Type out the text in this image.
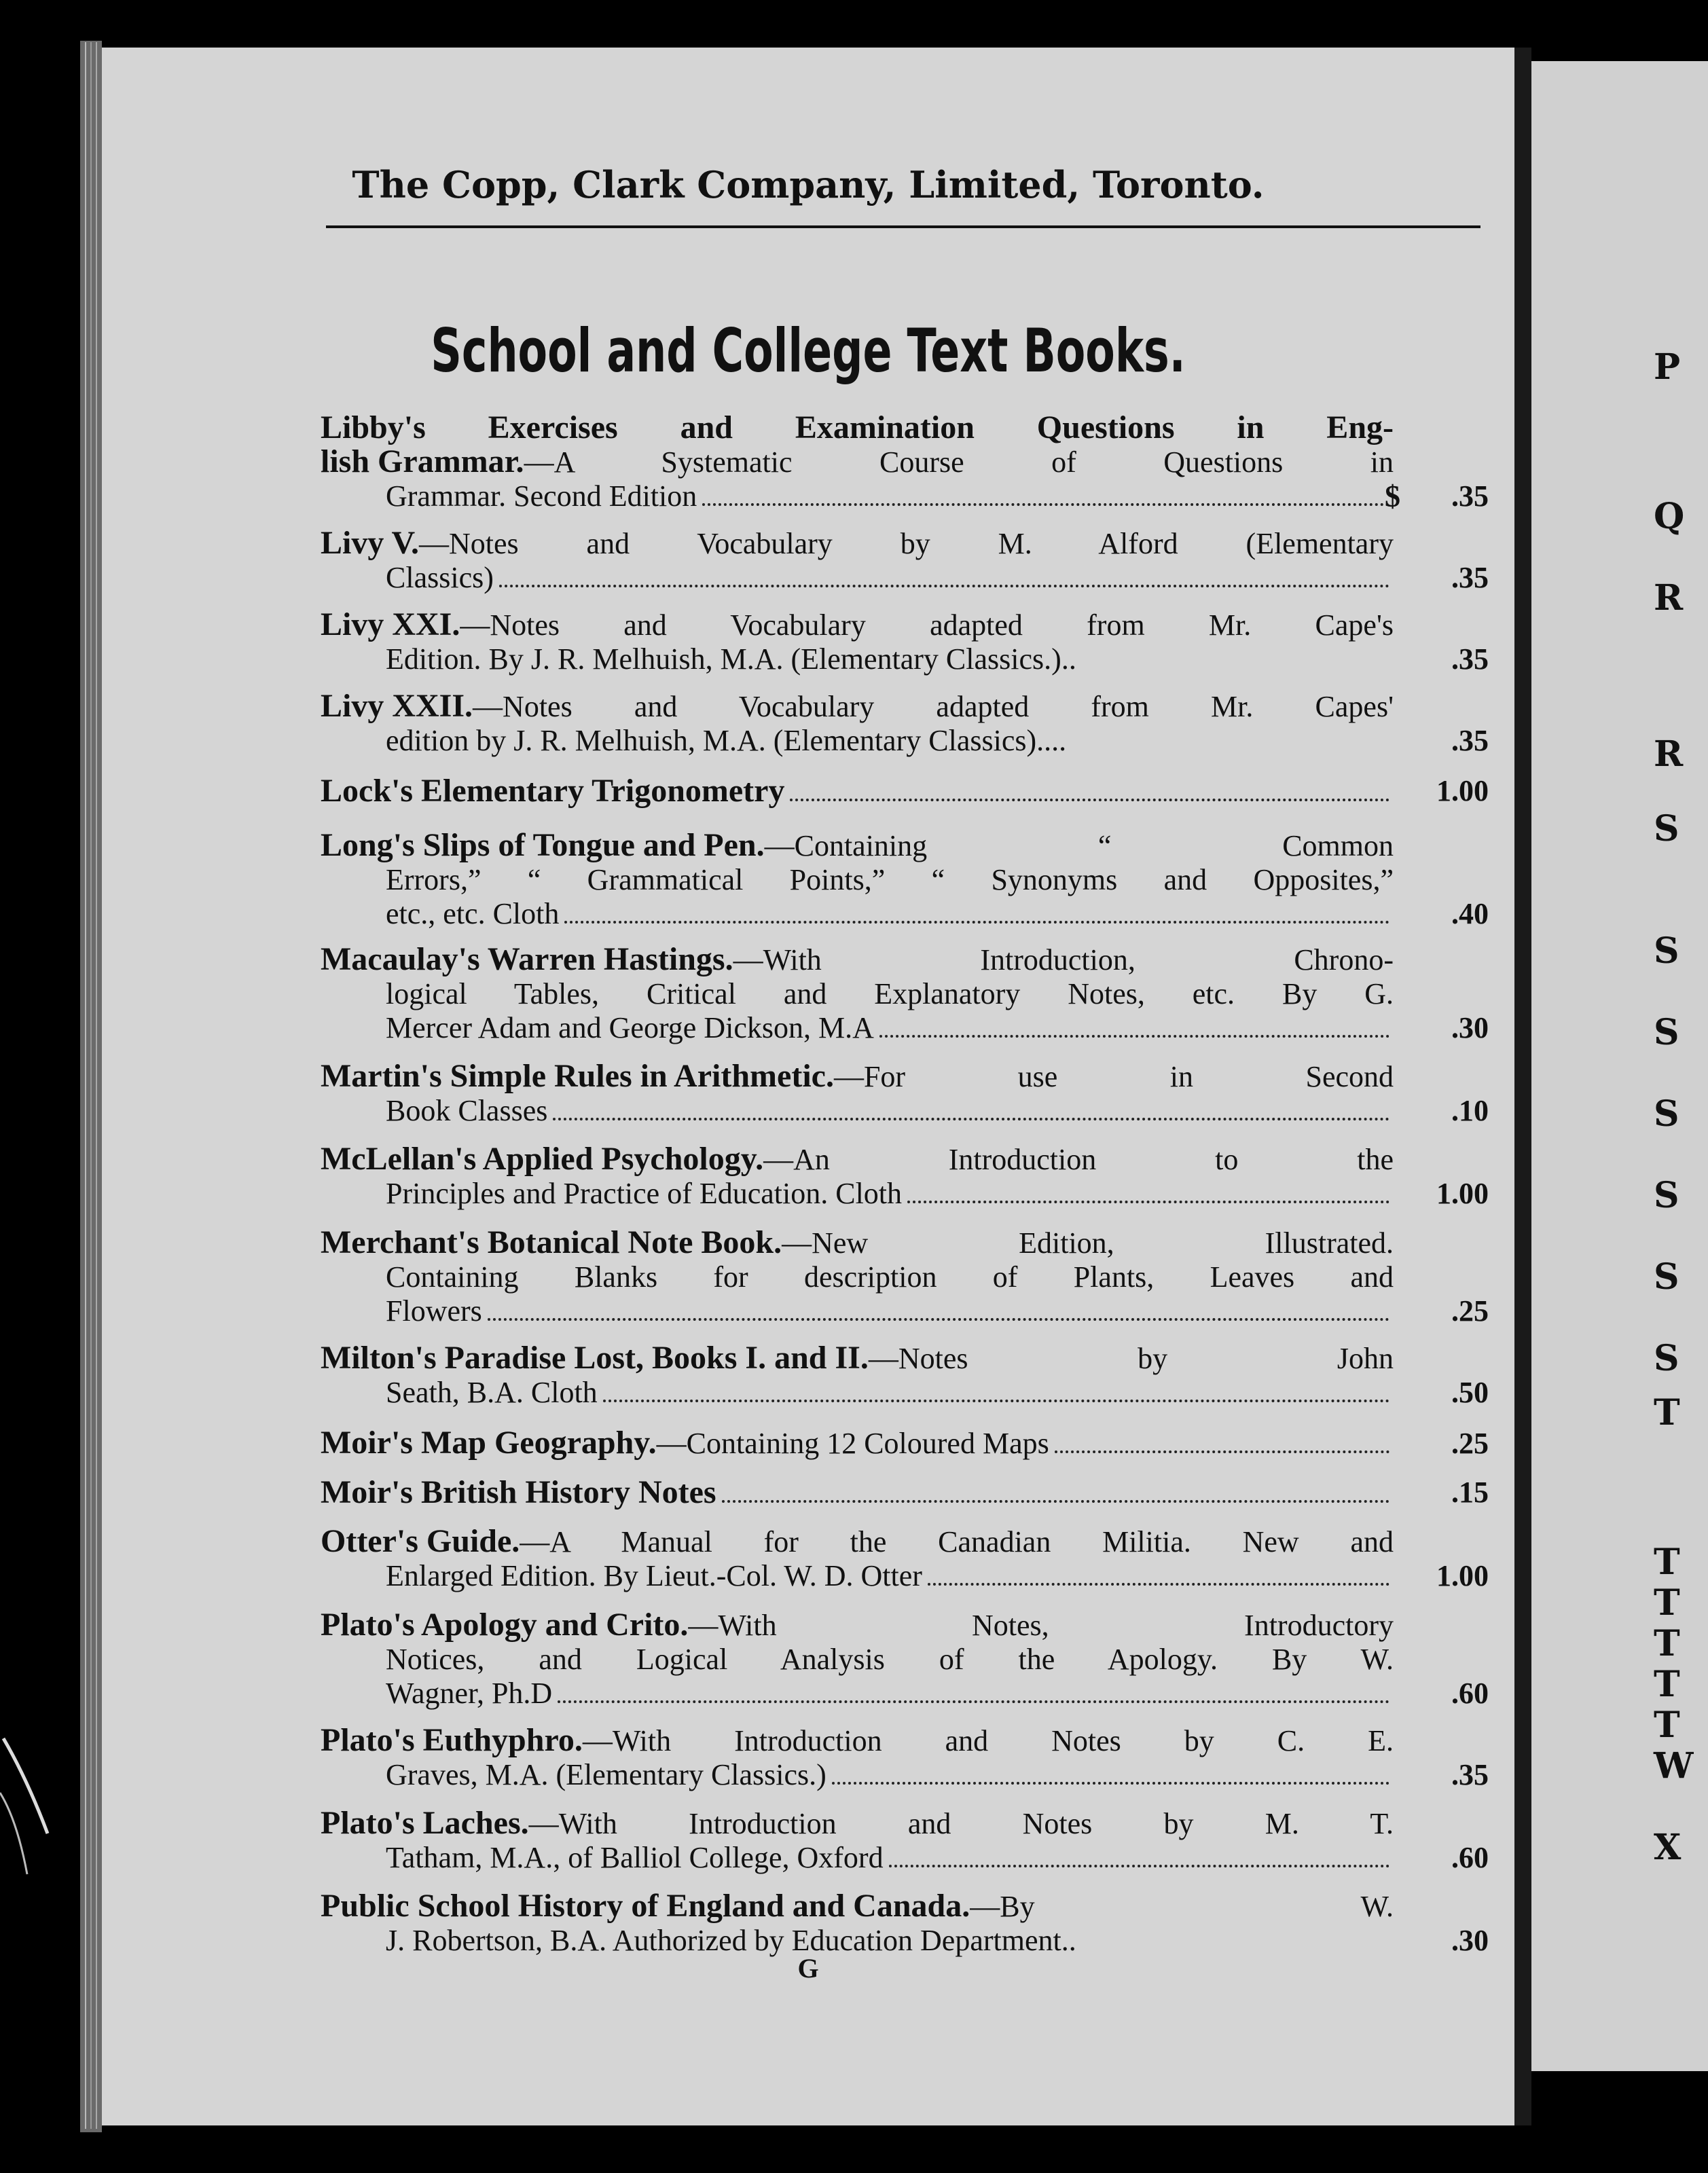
P
Q
R
R
S
S
S
S
S
S
S
T
T
T
T
T
T
W
X
The Copp, Clark Company, Limited, Toronto.
School and College Text Books.
Libby's Exercises and Examination Questions in Eng-
lish Grammar. —A Systematic Course of Questions in
Grammar. Second Edition	$	.35
Livy V. —Notes and Vocabulary by M. Alford (Elementary
Classics)	.35
Livy XXI. —Notes and Vocabulary adapted from Mr. Cape's
Edition. By J. R. Melhuish, M.A. (Elementary Classics.)..	.35
Livy XXII. —Notes and Vocabulary adapted from Mr. Capes'
edition by J. R. Melhuish, M.A. (Elementary Classics)....	.35
Lock's Elementary Trigonometry	1.00
Long's Slips of Tongue and Pen. —Containing “ Common
Errors,” “ Grammatical Points,” “ Synonyms and Opposites,”
etc., etc. Cloth	.40
Macaulay's Warren Hastings. —With Introduction, Chrono-
logical Tables, Critical and Explanatory Notes, etc. By G.
Mercer Adam and George Dickson, M.A	.30
Martin's Simple Rules in Arithmetic. —For use in Second
Book Classes	.10
McLellan's Applied Psychology. —An Introduction to the
Principles and Practice of Education. Cloth	1.00
Merchant's Botanical Note Book. —New Edition, Illustrated.
Containing Blanks for description of Plants, Leaves and
Flowers	.25
Milton's Paradise Lost, Books I. and II. —Notes by John
Seath, B.A. Cloth	.50
Moir's Map Geography. —Containing 12 Coloured Maps	.25
Moir's British History Notes	.15
Otter's Guide. —A Manual for the Canadian Militia. New and
Enlarged Edition. By Lieut.-Col. W. D. Otter	1.00
Plato's Apology and Crito. —With Notes, Introductory
Notices, and Logical Analysis of the Apology. By W.
Wagner, Ph.D	.60
Plato's Euthyphro. —With Introduction and Notes by C. E.
Graves, M.A. (Elementary Classics.)	.35
Plato's Laches. —With Introduction and Notes by M. T.
Tatham, M.A., of Balliol College, Oxford	.60
Public School History of England and Canada. —By W.
J. Robertson, B.A. Authorized by Education Department..	.30
G
